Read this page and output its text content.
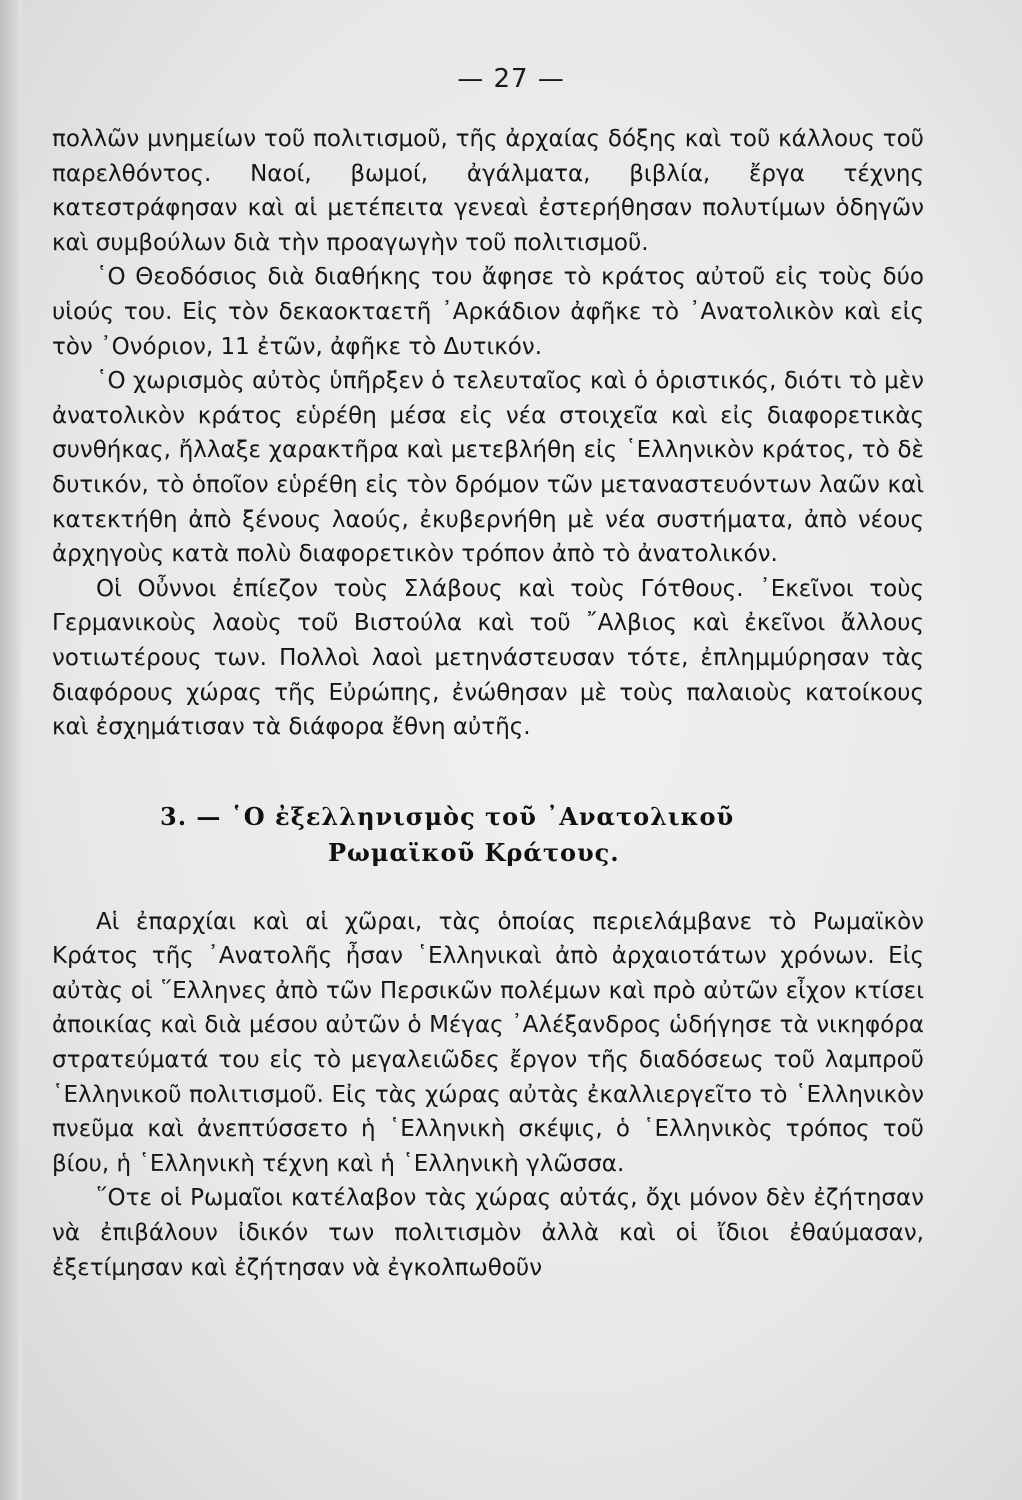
— 27 —

πολλῶν μνημείων τοῦ πολιτισμοῦ, τῆς ἀρχαίας δόξης καὶ τοῦ κάλλους τοῦ παρελθόντος. Ναοί, βωμοί, ἀγάλματα, βιβλία, ἔργα τέχνης κατεστράφησαν καὶ αἱ μετέπειτα γενεαὶ ἐστερήθησαν πολυτίμων ὁδηγῶν καὶ συμβούλων διὰ τὴν προαγωγὴν τοῦ πολιτισμοῦ.

῾Ο Θεοδόσιος διὰ διαθήκης του ἄφησε τὸ κράτος αὐτοῦ εἰς τοὺς δύο υἱούς του. Εἰς τὸν δεκαοκταετῆ ᾿Αρκάδιον ἀφῆκε τὸ ᾿Ανατολικὸν καὶ εἰς τὸν ᾿Ονόριον, 11 ἐτῶν, ἀφῆκε τὸ Δυτικόν.

῾Ο χωρισμὸς αὐτὸς ὑπῆρξεν ὁ τελευταῖος καὶ ὁ ὁριστικός, διότι τὸ μὲν ἀνατολικὸν κράτος εὑρέθη μέσα εἰς νέα στοιχεῖα καὶ εἰς διαφορετικὰς συνθήκας, ἤλλαξε χαρακτῆρα καὶ μετεβλήθη εἰς ῾Ελληνικὸν κράτος, τὸ δὲ δυτικόν, τὸ ὁποῖον εὑρέθη εἰς τὸν δρόμον τῶν μεταναστευόντων λαῶν καὶ κατεκτήθη ἀπὸ ξένους λαούς, ἐκυβερνήθη μὲ νέα συστήματα, ἀπὸ νέους ἀρχηγοὺς κατὰ πολὺ διαφορετικὸν τρόπον ἀπὸ τὸ ἀνατολικόν.

Οἱ Οὖννοι ἐπίεζον τοὺς Σλάβους καὶ τοὺς Γότθους. ᾿Εκεῖνοι τοὺς Γερμανικοὺς λαοὺς τοῦ Βιστούλα καὶ τοῦ ῎Αλβιος καὶ ἐκεῖνοι ἄλλους νοτιωτέρους των. Πολλοὶ λαοὶ μετηνάστευσαν τότε, ἐπλημμύρησαν τὰς διαφόρους χώρας τῆς Εὐρώπης, ἐνώθησαν μὲ τοὺς παλαιοὺς κατοίκους καὶ ἐσχημάτισαν τὰ διάφορα ἔθνη αὐτῆς.

3. — ῾Ο ἐξελληνισμὸς τοῦ ᾿Ανατολικοῦ
Ρωμαϊκοῦ Κράτους.

Αἱ ἐπαρχίαι καὶ αἱ χῶραι, τὰς ὁποίας περιελάμβανε τὸ Ρωμαϊκὸν Κράτος τῆς ᾿Ανατολῆς ἦσαν ῾Ελληνικαὶ ἀπὸ ἀρχαιοτάτων χρόνων. Εἰς αὐτὰς οἱ ῞Ελληνες ἀπὸ τῶν Περσικῶν πολέμων καὶ πρὸ αὐτῶν εἶχον κτίσει ἀποικίας καὶ διὰ μέσου αὐτῶν ὁ Μέγας ᾿Αλέξανδρος ὡδήγησε τὰ νικηφόρα στρατεύματά του εἰς τὸ μεγαλειῶδες ἔργον τῆς διαδόσεως τοῦ λαμπροῦ ῾Ελληνικοῦ πολιτισμοῦ. Εἰς τὰς χώρας αὐτὰς ἐκαλλιεργεῖτο τὸ ῾Ελληνικὸν πνεῦμα καὶ ἀνεπτύσσετο ἡ ῾Ελληνικὴ σκέψις, ὁ ῾Ελληνικὸς τρόπος τοῦ βίου, ἡ ῾Ελληνικὴ τέχνη καὶ ἡ ῾Ελληνικὴ γλῶσσα.

῞Οτε οἱ Ρωμαῖοι κατέλαβον τὰς χώρας αὐτάς, ὄχι μόνον δὲν ἐζήτησαν νὰ ἐπιβάλουν ἰδικόν των πολιτισμὸν ἀλλὰ καὶ οἱ ἴδιοι ἐθαύμασαν, ἐξετίμησαν καὶ ἐζήτησαν νὰ ἐγκολπωθοῦν
